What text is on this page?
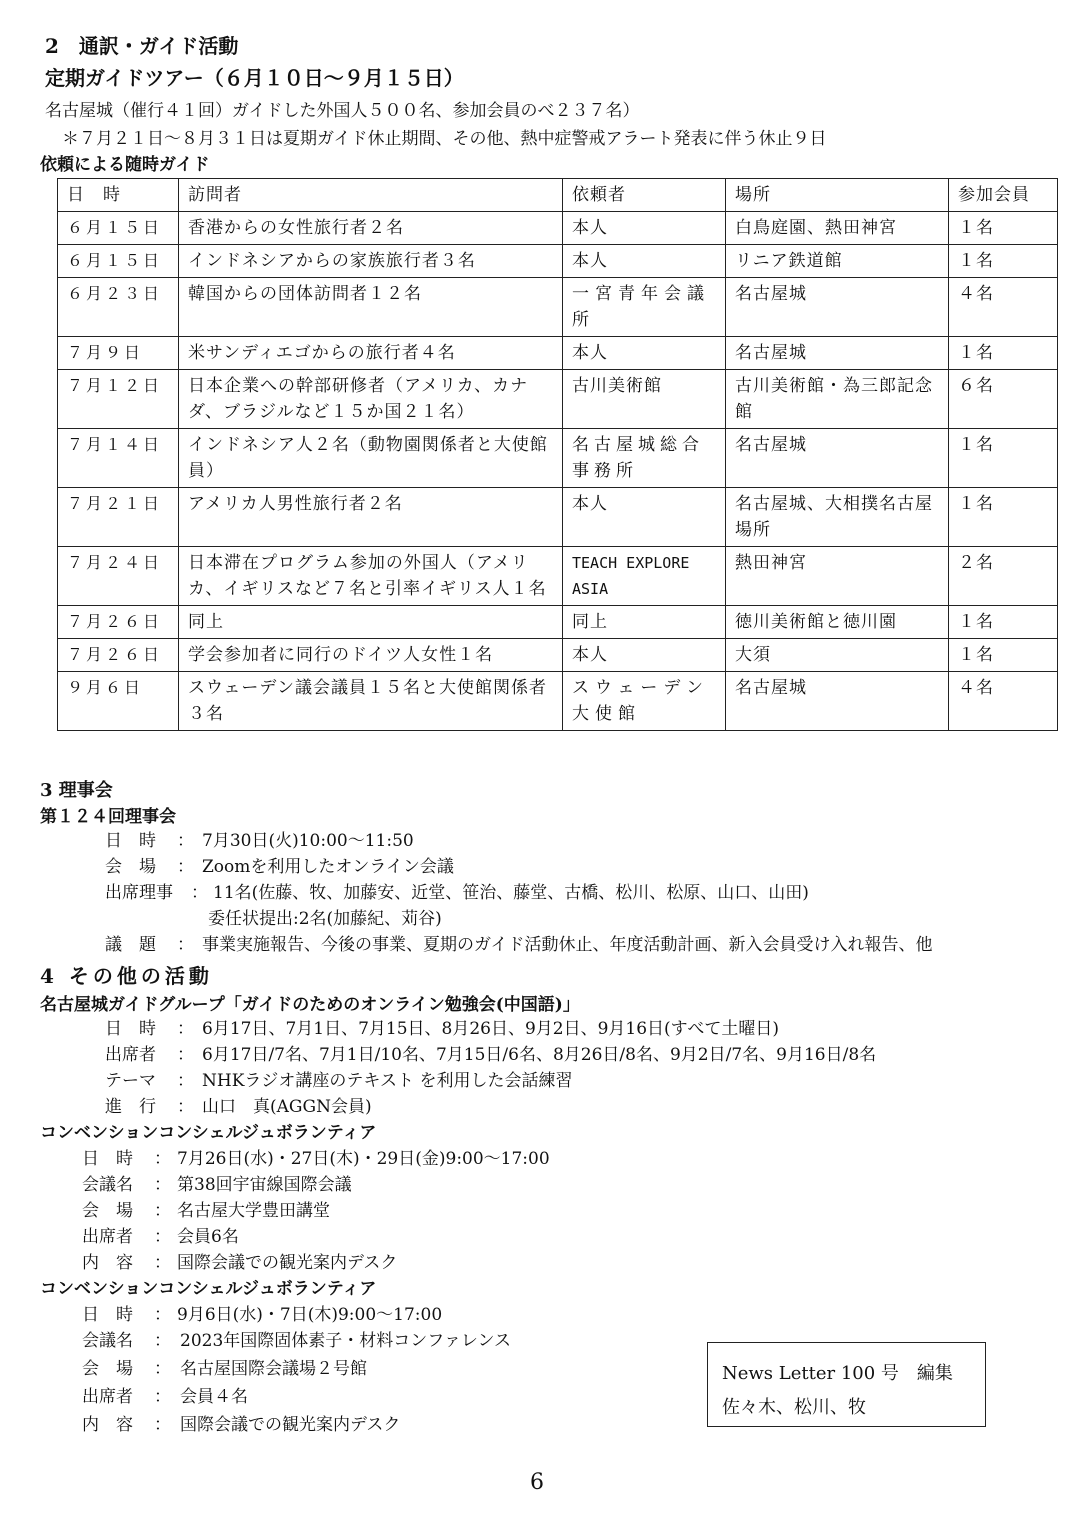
2　通訳・ガイド活動
定期ガイドツアー（６月１０日～９月１５日）
名古屋城（催行４１回）ガイドした外国人５００名、参加会員のべ２３７名）
＊７月２１日～８月３１日は夏期ガイド休止期間、その他、熱中症警戒アラート発表に伴う休止９日
依頼による随時ガイド
日　時	訪問者	依頼者	場所	参加会員
６月１５日	香港からの女性旅行者２名	本人	白鳥庭園、熱田神宮	１名
６月１５日	インドネシアからの家族旅行者３名	本人	リニア鉄道館	１名
６月２３日	韓国からの団体訪問者１２名	一宮青年会議所	名古屋城	４名
７月９日	米サンディエゴからの旅行者４名	本人	名古屋城	１名
７月１２日	日本企業への幹部研修者（アメリカ、カナダ、ブラジルなど１５か国２１名）	古川美術館	古川美術館・為三郎記念館	６名
７月１４日	インドネシア人２名（動物園関係者と大使館員）	名古屋城総合事務所	名古屋城	１名
７月２１日	アメリカ人男性旅行者２名	本人	名古屋城、大相撲名古屋場所	１名
７月２４日	日本滞在プログラム参加の外国人（アメリカ、イギリスなど７名と引率イギリス人１名	TEACH EXPLORE ASIA	熱田神宮	２名
７月２６日	同上	同上	徳川美術館と徳川園	１名
７月２６日	学会参加者に同行のドイツ人女性１名	本人	大須	１名
９月６日	スウェーデン議会議員１５名と大使館関係者３名	スウェーデン大使館	名古屋城	４名
3 理事会
第１２４回理事会
日　時 ： 7月30日(火)10:00～11:50
会　場 ： Zoomを利用したオンライン会議
出席理事 ： 11名(佐藤、牧、加藤安、近堂、笹治、藤堂、古橋、松川、松原、山口、山田)
委任状提出:2名(加藤紀、苅谷)
議　題 ： 事業実施報告、今後の事業、夏期のガイド活動休止、年度活動計画、新入会員受け入れ報告、他
4 その他の活動
名古屋城ガイドグループ「ガイドのためのオンライン勉強会(中国語)」
日　時 ： 6月17日、7月1日、7月15日、8月26日、9月2日、9月16日(すべて土曜日)
出席者 ： 6月17日/7名、7月1日/10名、7月15日/6名、8月26日/8名、9月2日/7名、9月16日/8名
テーマ ： NHKラジオ講座のテキスト を利用した会話練習
進　行 ： 山口　真(AGGN会員)
コンベンションコンシェルジュボランティア
日　時 ： 7月26日(水)・27日(木)・29日(金)9:00～17:00
会議名 ： 第38回宇宙線国際会議
会　場 ： 名古屋大学豊田講堂
出席者 ： 会員6名
内　容 ： 国際会議での観光案内デスク
コンベンションコンシェルジュボランティア
日　時 ： 9月6日(水)・7日(木)9:00～17:00
会議名 ： 2023年国際固体素子・材料コンファレンス
会　場 ： 名古屋国際会議場２号館
出席者 ： 会員４名
内　容 ： 国際会議での観光案内デスク
News Letter 100 号　編集
佐々木、松川、牧
6
